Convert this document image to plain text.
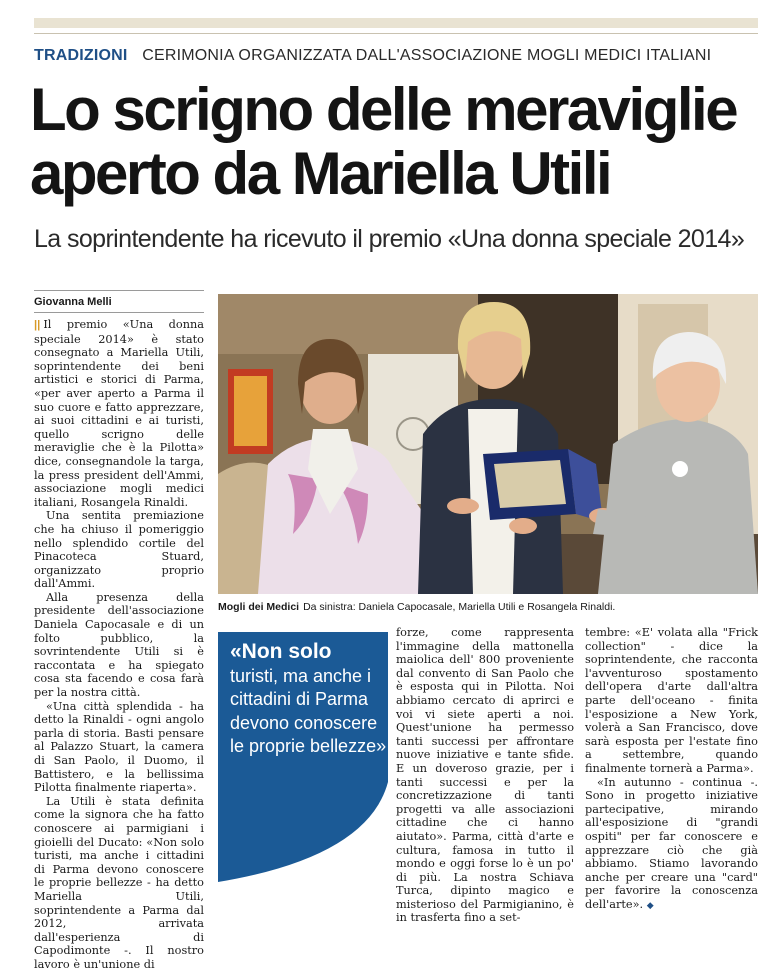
TRADIZIONI CERIMONIA ORGANIZZATA DALL'ASSOCIAZIONE MOGLI MEDICI ITALIANI
Lo scrigno delle meraviglie
aperto da Mariella Utili

La soprintendente ha ricevuto il premio «Una donna speciale 2014»

Giovanna Melli

|| Il premio «Una donna speciale 2014» è stato consegnato a Mariella Utili, soprintendente dei beni artistici e storici di Parma, «per aver aperto a Parma il suo cuore e fatto apprezzare, ai suoi cittadini e ai turisti, quello scrigno delle meraviglie che è la Pilotta» dice, consegnandole la targa, la press president dell'Ammi, associazione mogli medici italiani, Rosangela Rinaldi.

Una sentita premiazione che ha chiuso il pomeriggio nello splendido cortile del Pinacoteca Stuard, organizzato proprio dall'Ammi.

Alla presenza della presidente dell'associazione Daniela Capocasale e di un folto pubblico, la sovrintendente Utili si è raccontata e ha spiegato cosa sta facendo e cosa farà per la nostra città.

«Una città splendida - ha detto la Rinaldi - ogni angolo parla di storia. Basti pensare al Palazzo Stuart, la camera di San Paolo, il Duomo, il Battistero, e la bellissima Pilotta finalmente riaperta».

La Utili è stata definita come la signora che ha fatto conoscere ai parmigiani i gioielli del Ducato: «Non solo turisti, ma anche i cittadini di Parma devono conoscere le proprie bellezze - ha detto Mariella Utili, soprintendente a Parma dal 2012, arrivata dall'esperienza di Capodimonte -. Il nostro lavoro è un'unione di

Mogli dei Medici Da sinistra: Daniela Capocasale, Mariella Utili e Rosangela Rinaldi.
«Non solo
turisti, ma anche i cittadini di Parma devono conoscere le proprie bellezze»

forze, come rappresenta l'immagine della mattonella maiolica dell' 800 proveniente dal convento di San Paolo che è esposta qui in Pilotta. Noi abbiamo cercato di aprirci e voi vi siete aperti a noi. Quest'unione ha permesso tanti successi per affrontare nuove iniziative e tante sfide. E un doveroso grazie, per i tanti successi e per la concretizzazione di tanti progetti va alle associazioni cittadine che ci hanno aiutato». Parma, città d'arte e cultura, famosa in tutto il mondo e oggi forse lo è un po' di più. La nostra Schiava Turca, dipinto magico e misterioso del Parmigianino, è in trasferta fino a set-

tembre: «E' volata alla "Frick collection" - dice la soprintendente, che racconta l'avventuroso spostamento dell'opera d'arte dall'altra parte dell'oceano - finita l'esposizione a New York, volerà a San Francisco, dove sarà esposta per l'estate fino a settembre, quando finalmente tornerà a Parma».

«In autunno - continua -. Sono in progetto iniziative partecipative, mirando all'esposizione di "grandi ospiti" per far conoscere e apprezzare ciò che già abbiamo. Stiamo lavorando anche per creare una "card" per favorire la conoscenza dell'arte». ◆
